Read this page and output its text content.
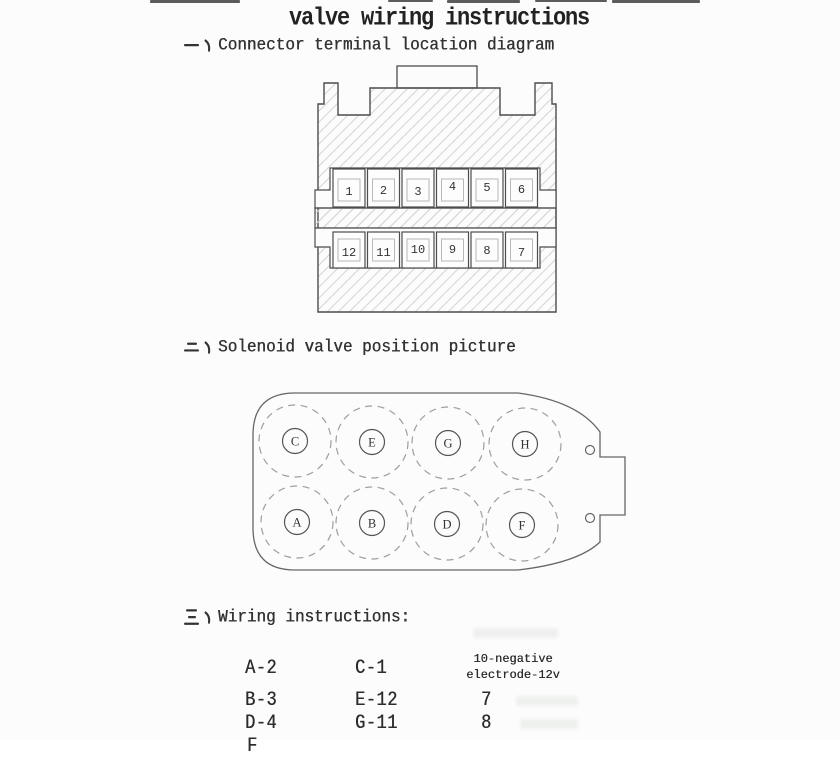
valve wiring instructions
Connector terminal location diagram
1 2 3 4 5 6
12 11 10 9 8 7
Solenoid valve position picture
C	E	G	H
A	B	D	F
Wiring instructions:
A-2	C-1	10-negative
electrode-12v
B-3	E-12	7
D-4	G-11	8
F
